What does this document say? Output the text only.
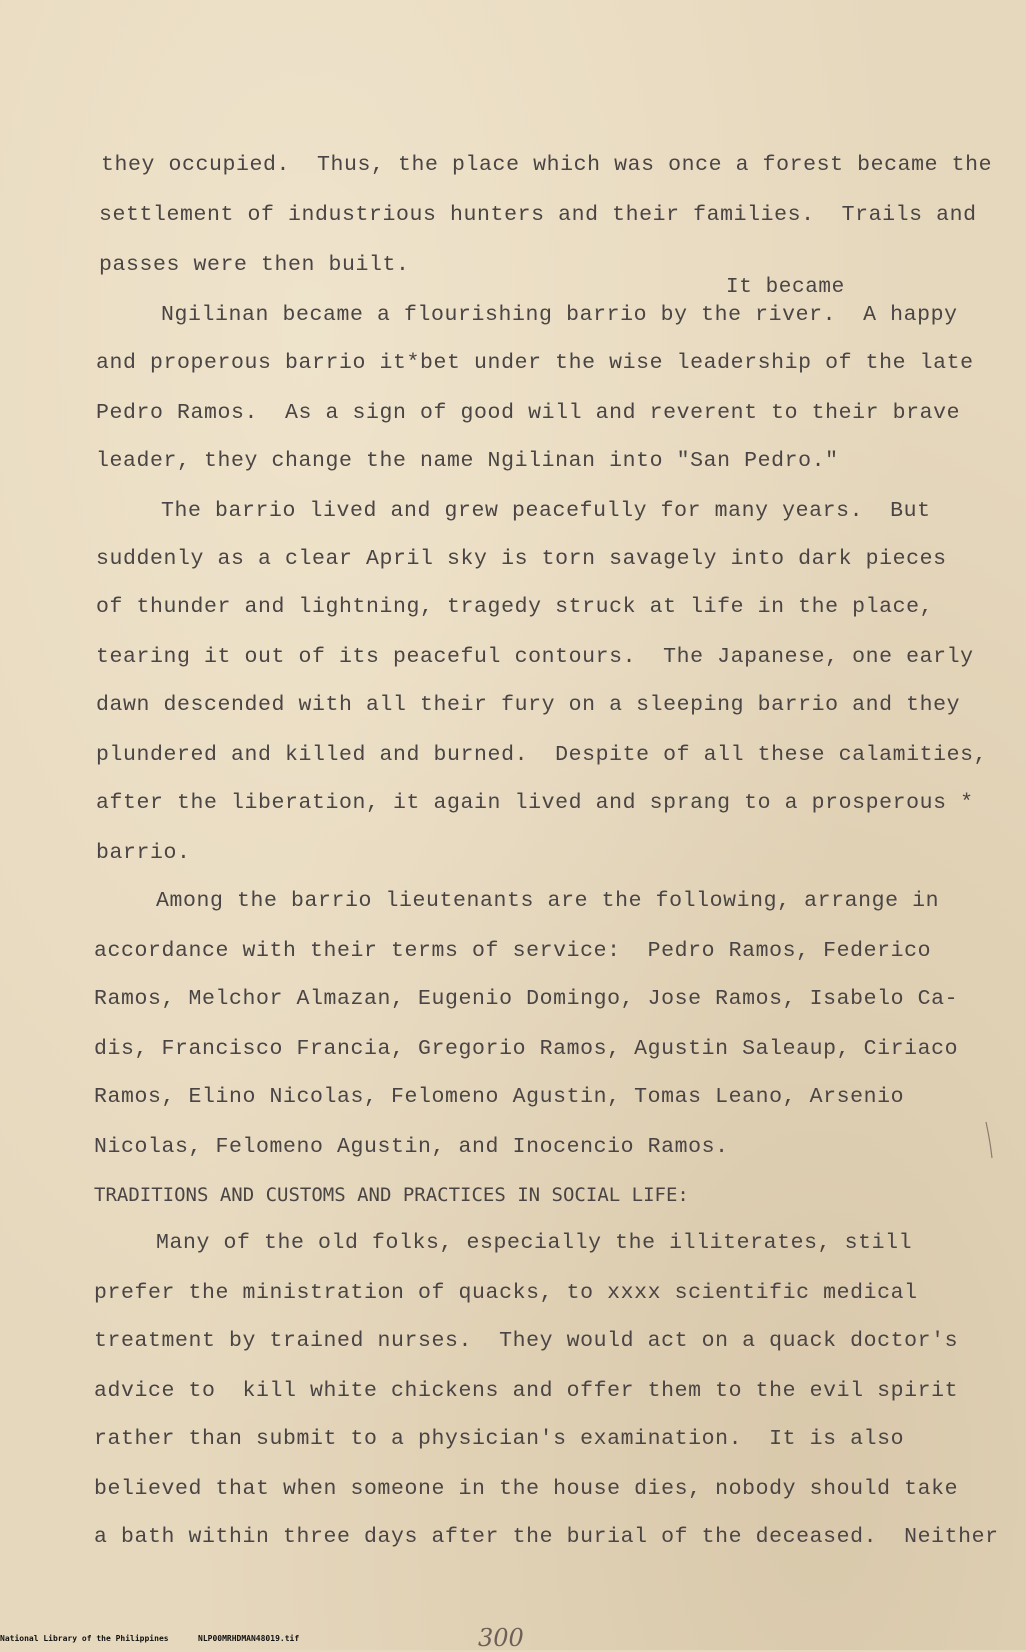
they occupied.  Thus, the place which was once a forest became the
settlement of industrious hunters and their families.  Trails and
passes were then built.
It became
Ngilinan became a flourishing barrio by the river.  A happy
and properous barrio it*bet under the wise leadership of the late
Pedro Ramos.  As a sign of good will and reverent to their brave
leader, they change the name Ngilinan into "San Pedro."
The barrio lived and grew peacefully for many years.  But
suddenly as a clear April sky is torn savagely into dark pieces
of thunder and lightning, tragedy struck at life in the place,
tearing it out of its peaceful contours.  The Japanese, one early
dawn descended with all their fury on a sleeping barrio and they
plundered and killed and burned.  Despite of all these calamities,
after the liberation, it again lived and sprang to a prosperous *
barrio.
Among the barrio lieutenants are the following, arrange in
accordance with their terms of service:  Pedro Ramos, Federico
Ramos, Melchor Almazan, Eugenio Domingo, Jose Ramos, Isabelo Ca-
dis, Francisco Francia, Gregorio Ramos, Agustin Saleaup, Ciriaco
Ramos, Elino Nicolas, Felomeno Agustin, Tomas Leano, Arsenio
Nicolas, Felomeno Agustin, and Inocencio Ramos.
TRADITIONS AND CUSTOMS AND PRACTICES IN SOCIAL LIFE:
Many of the old folks, especially the illiterates, still
prefer the ministration of quacks, to xxxx scientific medical
treatment by trained nurses.  They would act on a quack doctor's
advice to  kill white chickens and offer them to the evil spirit
rather than submit to a physician's examination.  It is also
believed that when someone in the house dies, nobody should take
a bath within three days after the burial of the deceased.  Neither
300
National Library of the Philippines	NLP00MRHDMAN48019.tif
